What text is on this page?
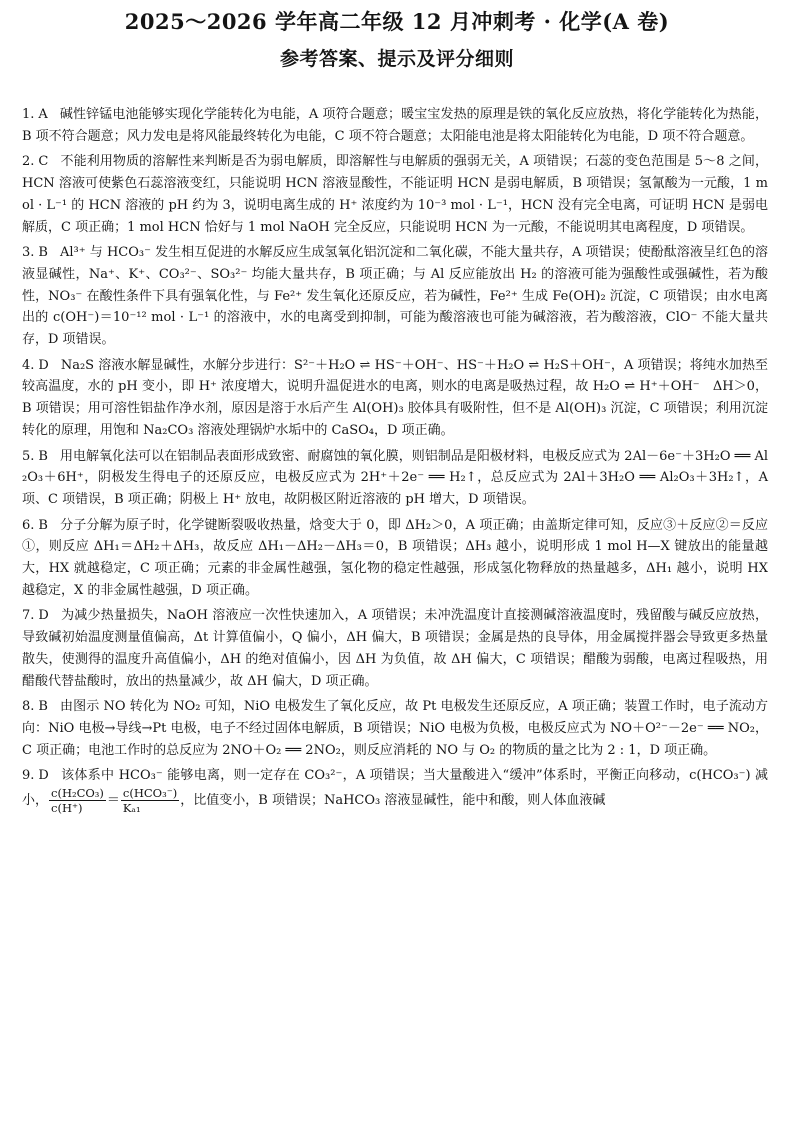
2025～2026 学年高二年级 12 月冲刺考 · 化学(A 卷)
参考答案、提示及评分细则

1. A 碱性锌锰电池能够实现化学能转化为电能，A 项符合题意；暖宝宝发热的原理是铁的氧化反应放热，将化学能转化为热能，B 项不符合题意；风力发电是将风能最终转化为电能，C 项不符合题意；太阳能电池是将太阳能转化为电能，D 项不符合题意。

2. C 不能利用物质的溶解性来判断是否为弱电解质，即溶解性与电解质的强弱无关，A 项错误；石蕊的变色范围是 5～8 之间，HCN 溶液可使紫色石蕊溶液变红，只能说明 HCN 溶液显酸性，不能证明 HCN 是弱电解质，B 项错误；氢氰酸为一元酸，1 mol · L⁻¹ 的 HCN 溶液的 pH 约为 3，说明电离生成的 H⁺ 浓度约为 10⁻³ mol · L⁻¹，HCN 没有完全电离，可证明 HCN 是弱电解质，C 项正确；1 mol HCN 恰好与 1 mol NaOH 完全反应，只能说明 HCN 为一元酸，不能说明其电离程度，D 项错误。

3. B Al³⁺ 与 HCO₃⁻ 发生相互促进的水解反应生成氢氧化铝沉淀和二氧化碳，不能大量共存，A 项错误；使酚酞溶液呈红色的溶液显碱性，Na⁺、K⁺、CO₃²⁻、SO₃²⁻ 均能大量共存，B 项正确；与 Al 反应能放出 H₂ 的溶液可能为强酸性或强碱性，若为酸性，NO₃⁻ 在酸性条件下具有强氧化性，与 Fe²⁺ 发生氧化还原反应，若为碱性，Fe²⁺ 生成 Fe(OH)₂ 沉淀，C 项错误；由水电离出的 c(OH⁻)＝10⁻¹² mol · L⁻¹ 的溶液中，水的电离受到抑制，可能为酸溶液也可能为碱溶液，若为酸溶液，ClO⁻ 不能大量共存，D 项错误。

4. D Na₂S 溶液水解显碱性，水解分步进行：S²⁻＋H₂O ⇌ HS⁻＋OH⁻、HS⁻＋H₂O ⇌ H₂S＋OH⁻，A 项错误；将纯水加热至较高温度，水的 pH 变小，即 H⁺ 浓度增大，说明升温促进水的电离，则水的电离是吸热过程，故 H₂O ⇌ H⁺＋OH⁻　ΔH＞0，B 项错误；用可溶性铝盐作净水剂，原因是溶于水后产生 Al(OH)₃ 胶体具有吸附性，但不是 Al(OH)₃ 沉淀，C 项错误；利用沉淀转化的原理，用饱和 Na₂CO₃ 溶液处理锅炉水垢中的 CaSO₄，D 项正确。

5. B 用电解氧化法可以在铝制品表面形成致密、耐腐蚀的氧化膜，则铝制品是阳极材料，电极反应式为 2Al－6e⁻＋3H₂O ══ Al₂O₃＋6H⁺，阴极发生得电子的还原反应，电极反应式为 2H⁺＋2e⁻ ══ H₂↑，总反应式为 2Al＋3H₂O ══ Al₂O₃＋3H₂↑，A 项、C 项错误，B 项正确；阴极上 H⁺ 放电，故阴极区附近溶液的 pH 增大，D 项错误。

6. B 分子分解为原子时，化学键断裂吸收热量，焓变大于 0，即 ΔH₂＞0，A 项正确；由盖斯定律可知，反应③＋反应②＝反应①，则反应 ΔH₁＝ΔH₂＋ΔH₃，故反应 ΔH₁－ΔH₂－ΔH₃＝0，B 项错误；ΔH₃ 越小，说明形成 1 mol H—X 键放出的能量越大，HX 就越稳定，C 项正确；元素的非金属性越强，氢化物的稳定性越强，形成氢化物释放的热量越多，ΔH₁ 越小，说明 HX 越稳定，X 的非金属性越强，D 项正确。

7. D 为减少热量损失，NaOH 溶液应一次性快速加入，A 项错误；未冲洗温度计直接测碱溶液温度时，残留酸与碱反应放热，导致碱初始温度测量值偏高，Δt 计算值偏小，Q 偏小，ΔH 偏大，B 项错误；金属是热的良导体，用金属搅拌器会导致更多热量散失，使测得的温度升高值偏小，ΔH 的绝对值偏小，因 ΔH 为负值，故 ΔH 偏大，C 项错误；醋酸为弱酸，电离过程吸热，用醋酸代替盐酸时，放出的热量减少，故 ΔH 偏大，D 项正确。

8. B 由图示 NO 转化为 NO₂ 可知，NiO 电极发生了氧化反应，故 Pt 电极发生还原反应，A 项正确；装置工作时，电子流动方向：NiO 电极→导线→Pt 电极，电子不经过固体电解质，B 项错误；NiO 电极为负极，电极反应式为 NO＋O²⁻－2e⁻ ══ NO₂，C 项正确；电池工作时的总反应为 2NO＋O₂ ══ 2NO₂，则反应消耗的 NO 与 O₂ 的物质的量之比为 2 : 1，D 项正确。

9. D 该体系中 HCO₃⁻ 能够电离，则一定存在 CO₃²⁻，A 项错误；当大量酸进入“缓冲”体系时，平衡正向移动，c(HCO₃⁻) 减小， $\frac{\text{c(H₂CO₃)}}{c(H^+)} = \frac{\text{c(HCO₃⁻)}}{\text{Kₐ₁}}$ ，比值变小，B 项错误；NaHCO₃ 溶液显碱性，能中和酸，则人体血液碱
